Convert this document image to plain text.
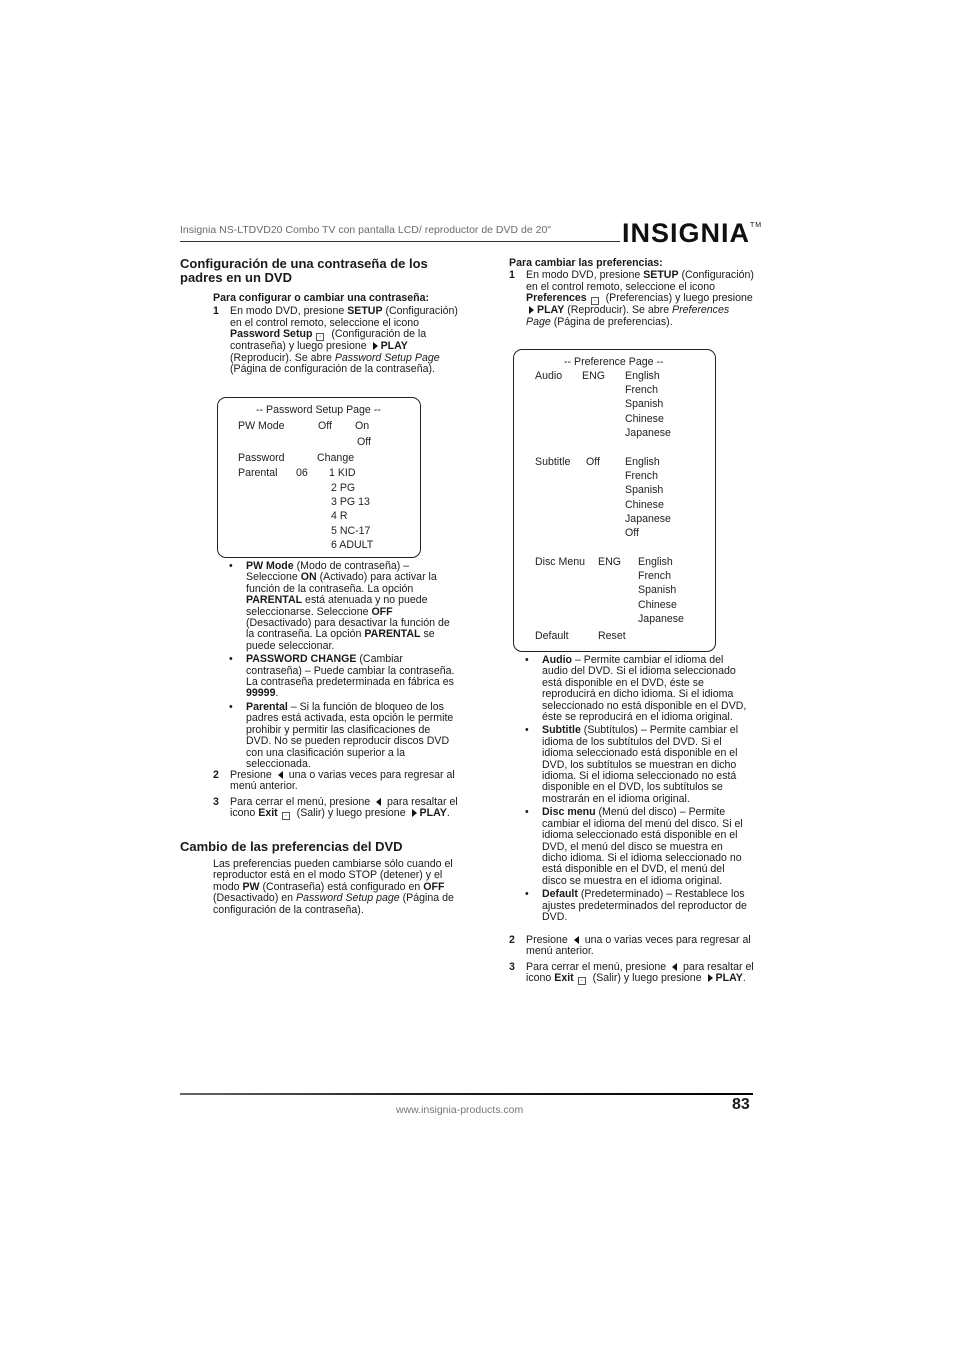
Insignia NS-LTDVD20 Combo TV con pantalla LCD/ reproductor de DVD de 20"	INSIGNIA™
Configuración de una contraseña de los padres en un DVD

Para configurar o cambiar una contraseña:

1 En modo DVD, presione SETUP (Configuración) en el control remoto, seleccione el icono Password Setup ▫ (Configuración de la contraseña) y luego presione PLAY (Reproducir). Se abre Password Setup Page (Página de configuración de la contraseña).
-- Password Setup Page --
PW Mode	Off On
Off
Password	Change
Parental 06 1 KID
2 PG
3 PG 13
4 R
5 NC-17
6 ADULT
• PW Mode (Modo de contraseña) – Seleccione ON (Activado) para activar la función de la contraseña. La opción PARENTAL está atenuada y no puede seleccionarse. Seleccione OFF (Desactivado) para desactivar la función de la contraseña. La opción PARENTAL se puede seleccionar.
• PASSWORD CHANGE (Cambiar contraseña) – Puede cambiar la contraseña. La contraseña predeterminada en fábrica es 99999.
• Parental – Si la función de bloqueo de los padres está activada, esta opción le permite prohibir y permitir las clasificaciones de DVD. No se pueden reproducir discos DVD con una clasificación superior a la seleccionada.
2 Presione  una o varias veces para regresar al menú anterior.
3 Para cerrar el menú, presione  para resaltar el icono Exit ▫ (Salir) y luego presione PLAY.
Cambio de las preferencias del DVD

Las preferencias pueden cambiarse sólo cuando el reproductor está en el modo STOP (detener) y el modo PW (Contraseña) está configurado en OFF (Desactivado) en Password Setup page (Página de configuración de la contraseña).

Para cambiar las preferencias:

1 En modo DVD, presione SETUP (Configuración) en el control remoto, seleccione el icono Preferences ▫ (Preferencias) y luego presione PLAY (Reproducir). Se abre Preferences Page (Página de preferencias).
-- Preference Page --
Audio ENG English
French
Spanish
Chinese
Japanese
Subtitle Off English
French
Spanish
Chinese
Japanese
Off
Disc Menu ENG English
French
Spanish
Chinese
Japanese
Default	Reset
• Audio – Permite cambiar el idioma del audio del DVD. Si el idioma seleccionado está disponible en el DVD, éste se reproducirá en dicho idioma. Si el idioma seleccionado no está disponible en el DVD, éste se reproducirá en el idioma original.
• Subtitle (Subtítulos) – Permite cambiar el idioma de los subtítulos del DVD. Si el idioma seleccionado está disponible en el DVD, los subtítulos se muestran en dicho idioma. Si el idioma seleccionado no está disponible en el DVD, los subtítulos se mostrarán en el idioma original.
• Disc menu (Menú del disco) – Permite cambiar el idioma del menú del disco. Si el idioma seleccionado está disponible en el DVD, el menú del disco se muestra en dicho idioma. Si el idioma seleccionado no está disponible en el DVD, el menú del disco se muestra en el idioma original.
• Default (Predeterminado) – Restablece los ajustes predeterminados del reproductor de DVD.
2 Presione  una o varias veces para regresar al menú anterior.
3 Para cerrar el menú, presione  para resaltar el icono Exit ▫ (Salir) y luego presione PLAY.
www.insignia-products.com	83
